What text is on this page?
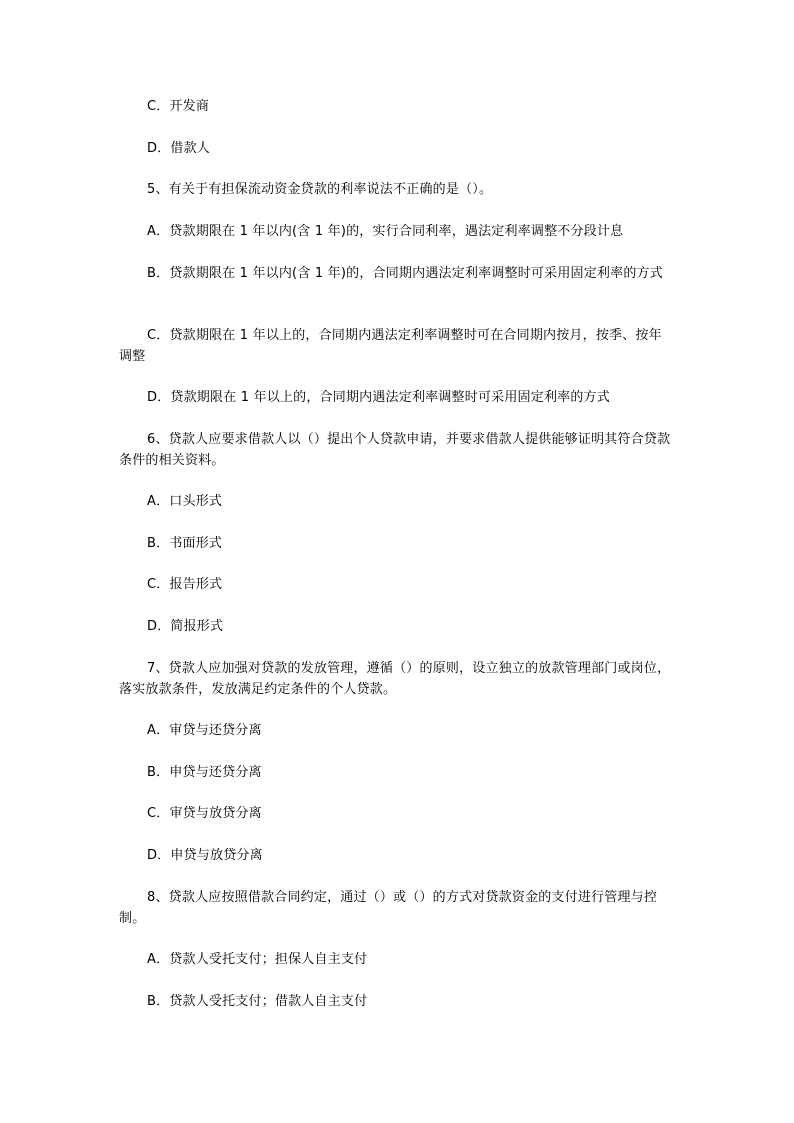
C．开发商

D．借款人

5、有关于有担保流动资金贷款的利率说法不正确的是（）。

A．贷款期限在 1 年以内(含 1 年)的，实行合同利率，遇法定利率调整不分段计息

B．贷款期限在 1 年以内(含 1 年)的，合同期内遇法定利率调整时可采用固定利率的方式

C．贷款期限在 1 年以上的，合同期内遇法定利率调整时可在合同期内按月，按季、按年调整

D．贷款期限在 1 年以上的，合同期内遇法定利率调整时可采用固定利率的方式

6、贷款人应要求借款人以（）提出个人贷款申请，并要求借款人提供能够证明其符合贷款条件的相关资料。

A．口头形式

B．书面形式

C．报告形式

D．简报形式

7、贷款人应加强对贷款的发放管理，遵循（）的原则，设立独立的放款管理部门或岗位，落实放款条件，发放满足约定条件的个人贷款。

A．审贷与还贷分离

B．申贷与还贷分离

C．审贷与放贷分离

D．申贷与放贷分离

8、贷款人应按照借款合同约定，通过（）或（）的方式对贷款资金的支付进行管理与控制。

A．贷款人受托支付；担保人自主支付

B．贷款人受托支付；借款人自主支付
